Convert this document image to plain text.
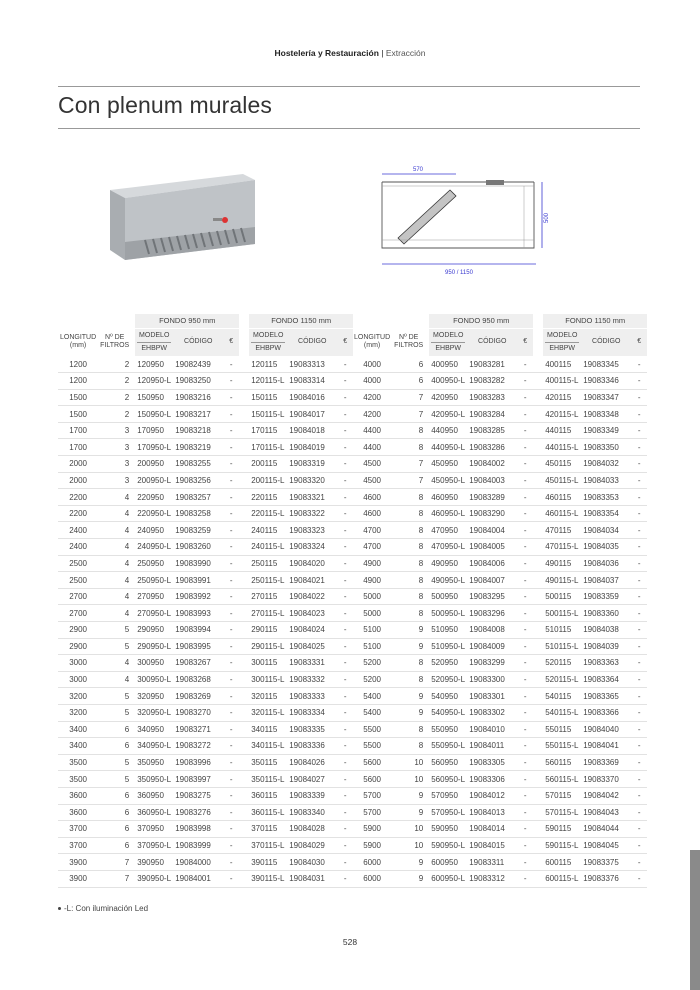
Hostelería y Restauración | Extracción
Con plenum murales
570
500
950 / 1150
		FONDO 950 mm				FONDO 1150 mm		
LONGITUD
(mm)	Nº DE
FILTROS	MODELO
EHBPW	CÓDIGO	€		MODELO
EHBPW	CÓDIGO	€
1200	2	120950	19082439	-		120115	19083313	-
1200	2	120950-L	19083250	-		120115-L	19083314	-
1500	2	150950	19083216	-		150115	19084016	-
1500	2	150950-L	19083217	-		150115-L	19084017	-
1700	3	170950	19083218	-		170115	19084018	-
1700	3	170950-L	19083219	-		170115-L	19084019	-
2000	3	200950	19083255	-		200115	19083319	-
2000	3	200950-L	19083256	-		200115-L	19083320	-
2200	4	220950	19083257	-		220115	19083321	-
2200	4	220950-L	19083258	-		220115-L	19083322	-
2400	4	240950	19083259	-		240115	19083323	-
2400	4	240950-L	19083260	-		240115-L	19083324	-
2500	4	250950	19083990	-		250115	19084020	-
2500	4	250950-L	19083991	-		250115-L	19084021	-
2700	4	270950	19083992	-		270115	19084022	-
2700	4	270950-L	19083993	-		270115-L	19084023	-
2900	5	290950	19083994	-		290115	19084024	-
2900	5	290950-L	19083995	-		290115-L	19084025	-
3000	4	300950	19083267	-		300115	19083331	-
3000	4	300950-L	19083268	-		300115-L	19083332	-
3200	5	320950	19083269	-		320115	19083333	-
3200	5	320950-L	19083270	-		320115-L	19083334	-
3400	6	340950	19083271	-		340115	19083335	-
3400	6	340950-L	19083272	-		340115-L	19083336	-
3500	5	350950	19083996	-		350115	19084026	-
3500	5	350950-L	19083997	-		350115-L	19084027	-
3600	6	360950	19083275	-		360115	19083339	-
3600	6	360950-L	19083276	-		360115-L	19083340	-
3700	6	370950	19083998	-		370115	19084028	-
3700	6	370950-L	19083999	-		370115-L	19084029	-
3900	7	390950	19084000	-		390115	19084030	-
3900	7	390950-L	19084001	-		390115-L	19084031	-
		FONDO 950 mm				FONDO 1150 mm		
LONGITUD
(mm)	Nº DE
FILTROS	MODELO
EHBPW	CÓDIGO	€		MODELO
EHBPW	CÓDIGO	€
4000	6	400950	19083281	-		400115	19083345	-
4000	6	400950-L	19083282	-		400115-L	19083346	-
4200	7	420950	19083283	-		420115	19083347	-
4200	7	420950-L	19083284	-		420115-L	19083348	-
4400	8	440950	19083285	-		440115	19083349	-
4400	8	440950-L	19083286	-		440115-L	19083350	-
4500	7	450950	19084002	-		450115	19084032	-
4500	7	450950-L	19084003	-		450115-L	19084033	-
4600	8	460950	19083289	-		460115	19083353	-
4600	8	460950-L	19083290	-		460115-L	19083354	-
4700	8	470950	19084004	-		470115	19084034	-
4700	8	470950-L	19084005	-		470115-L	19084035	-
4900	8	490950	19084006	-		490115	19084036	-
4900	8	490950-L	19084007	-		490115-L	19084037	-
5000	8	500950	19083295	-		500115	19083359	-
5000	8	500950-L	19083296	-		500115-L	19083360	-
5100	9	510950	19084008	-		510115	19084038	-
5100	9	510950-L	19084009	-		510115-L	19084039	-
5200	8	520950	19083299	-		520115	19083363	-
5200	8	520950-L	19083300	-		520115-L	19083364	-
5400	9	540950	19083301	-		540115	19083365	-
5400	9	540950-L	19083302	-		540115-L	19083366	-
5500	8	550950	19084010	-		550115	19084040	-
5500	8	550950-L	19084011	-		550115-L	19084041	-
5600	10	560950	19083305	-		560115	19083369	-
5600	10	560950-L	19083306	-		560115-L	19083370	-
5700	9	570950	19084012	-		570115	19084042	-
5700	9	570950-L	19084013	-		570115-L	19084043	-
5900	10	590950	19084014	-		590115	19084044	-
5900	10	590950-L	19084015	-		590115-L	19084045	-
6000	9	600950	19083311	-		600115	19083375	-
6000	9	600950-L	19083312	-		600115-L	19083376	-
-L: Con iluminación Led
528
